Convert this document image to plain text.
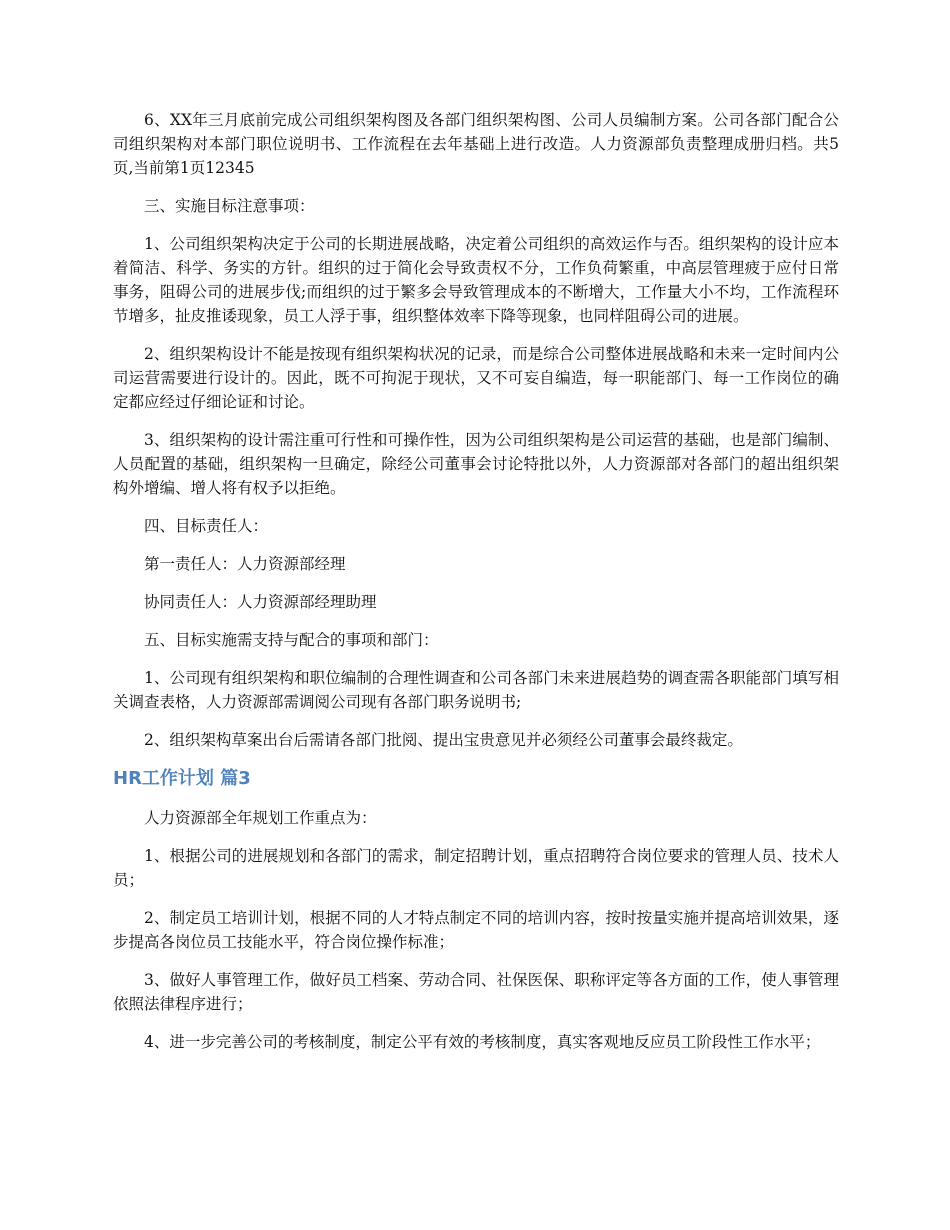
6、XX年三月底前完成公司组织架构图及各部门组织架构图、公司人员编制方案。公司各部门配合公司组织架构对本部门职位说明书、工作流程在去年基础上进行改造。人力资源部负责整理成册归档。共5页,当前第1页12345

三、实施目标注意事项：

1、公司组织架构决定于公司的长期进展战略，决定着公司组织的高效运作与否。组织架构的设计应本着简洁、科学、务实的方针。组织的过于简化会导致责权不分，工作负荷繁重，中高层管理疲于应付日常事务，阻碍公司的进展步伐;而组织的过于繁多会导致管理成本的不断增大，工作量大小不均，工作流程环节增多，扯皮推诿现象，员工人浮于事，组织整体效率下降等现象，也同样阻碍公司的进展。

2、组织架构设计不能是按现有组织架构状况的记录，而是综合公司整体进展战略和未来一定时间内公司运营需要进行设计的。因此，既不可拘泥于现状，又不可妄自编造，每一职能部门、每一工作岗位的确定都应经过仔细论证和讨论。

3、组织架构的设计需注重可行性和可操作性，因为公司组织架构是公司运营的基础，也是部门编制、人员配置的基础，组织架构一旦确定，除经公司董事会讨论特批以外，人力资源部对各部门的超出组织架构外增编、增人将有权予以拒绝。

四、目标责任人：

第一责任人：人力资源部经理

协同责任人：人力资源部经理助理

五、目标实施需支持与配合的事项和部门：

1、公司现有组织架构和职位编制的合理性调查和公司各部门未来进展趋势的调查需各职能部门填写相关调查表格，人力资源部需调阅公司现有各部门职务说明书;

2、组织架构草案出台后需请各部门批阅、提出宝贵意见并必须经公司董事会最终裁定。

HR工作计划 篇3

人力资源部全年规划工作重点为：

1、根据公司的进展规划和各部门的需求，制定招聘计划，重点招聘符合岗位要求的管理人员、技术人员；

2、制定员工培训计划，根据不同的人才特点制定不同的培训内容，按时按量实施并提高培训效果，逐步提高各岗位员工技能水平，符合岗位操作标准；

3、做好人事管理工作，做好员工档案、劳动合同、社保医保、职称评定等各方面的工作，使人事管理依照法律程序进行；

4、进一步完善公司的考核制度，制定公平有效的考核制度，真实客观地反应员工阶段性工作水平；
